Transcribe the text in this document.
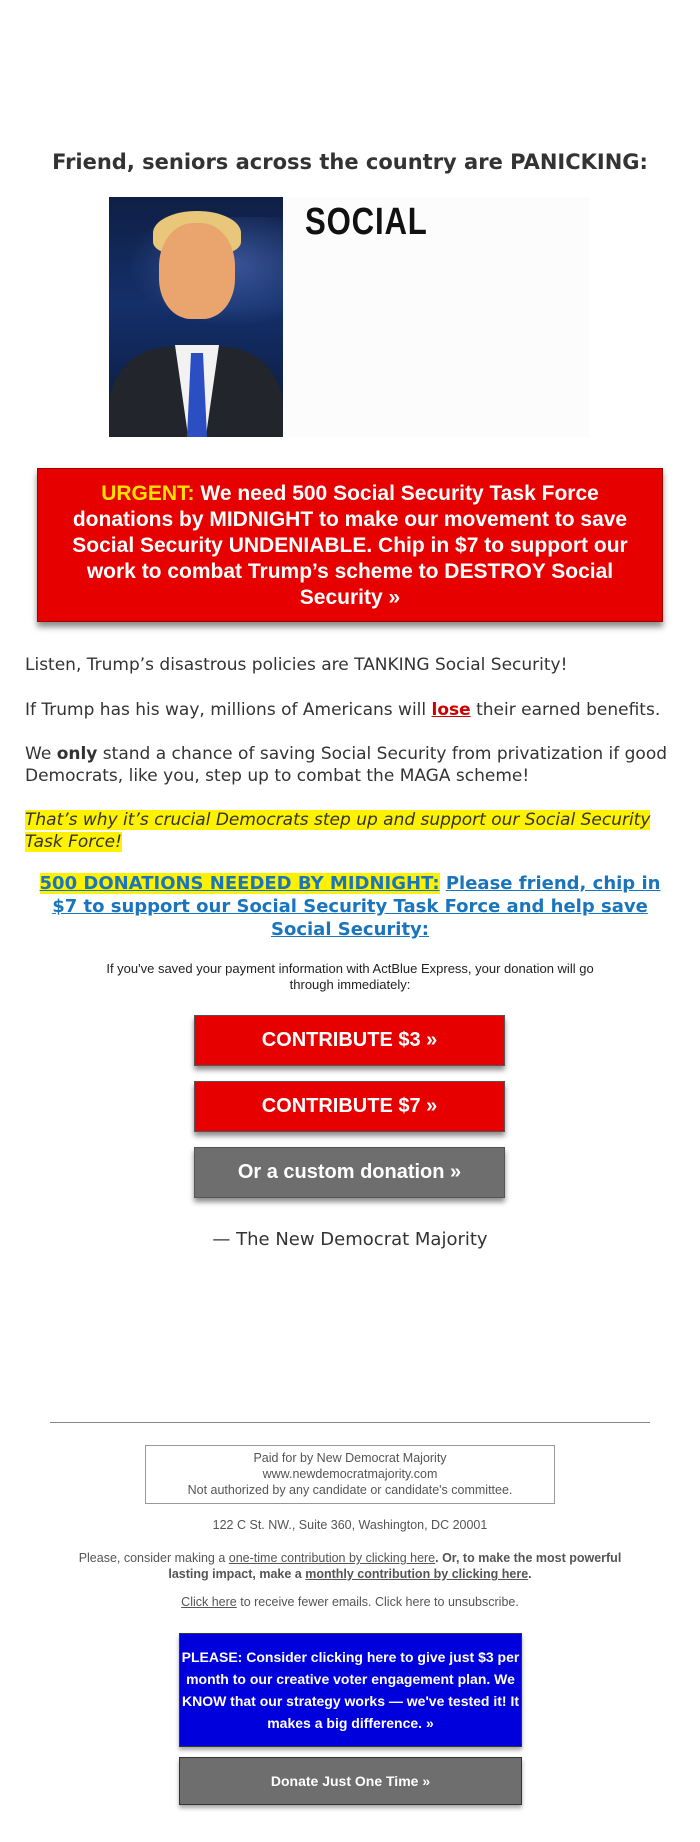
Friend, seniors across the country are PANICKING:
SOCIAL
URGENT: We need 500 Social Security Task Force donations by MIDNIGHT to make our movement to save Social Security UNDENIABLE. Chip in $7 to support our work to combat Trump’s scheme to DESTROY Social Security »
Listen, Trump’s disastrous policies are TANKING Social Security!
If Trump has his way, millions of Americans will lose their earned benefits.
We only stand a chance of saving Social Security from privatization if good Democrats, like you, step up to combat the MAGA scheme!
That’s why it’s crucial Democrats step up and support our Social Security Task Force!
500 DONATIONS NEEDED BY MIDNIGHT: Please friend, chip in $7 to support our Social Security Task Force and help save Social Security:
If you've saved your payment information with ActBlue Express, your donation will go through immediately:
CONTRIBUTE $3 »
CONTRIBUTE $7 »
Or a custom donation »
— The New Democrat Majority
Paid for by New Democrat Majority
www.newdemocratmajority.com
Not authorized by any candidate or candidate's committee.
122 C St. NW., Suite 360, Washington, DC 20001
Please, consider making a one-time contribution by clicking here. Or, to make the most powerful lasting impact, make a monthly contribution by clicking here.
Click here to receive fewer emails. Click here to unsubscribe.
PLEASE: Consider clicking here to give just $3 per month to our creative voter engagement plan. We KNOW that our strategy works — we've tested it! It makes a big difference. »
Donate Just One Time »
